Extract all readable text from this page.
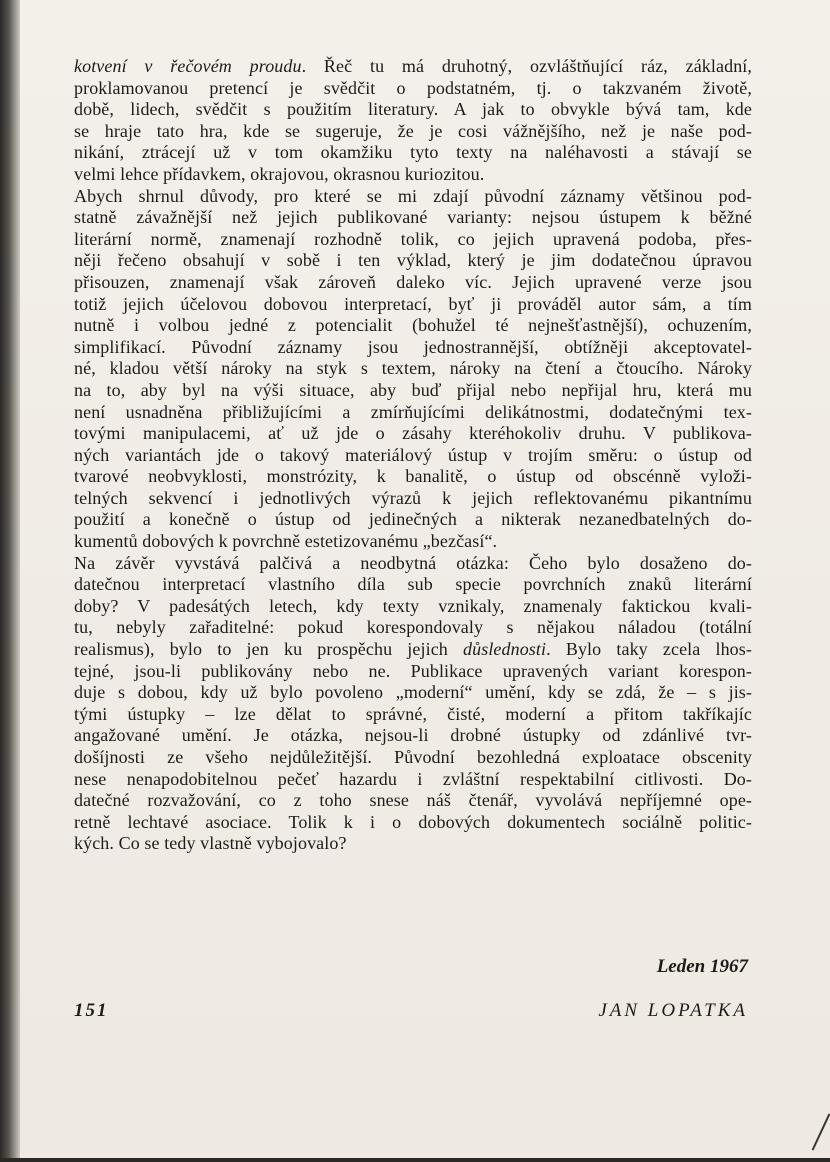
kotvení v řečovém proudu. Řeč tu má druhotný, ozvláštňující ráz, základní,
proklamovanou pretencí je svědčit o podstatném, tj. o takzvaném životě,
době, lidech, svědčit s použitím literatury. A jak to obvykle bývá tam, kde
se hraje tato hra, kde se sugeruje, že je cosi vážnějšího, než je naše pod-
nikání, ztrácejí už v tom okamžiku tyto texty na naléhavosti a stávají se
velmi lehce přídavkem, okrajovou, okrasnou kuriozitou.
Abych shrnul důvody, pro které se mi zdají původní záznamy většinou pod-
statně závažnější než jejich publikované varianty: nejsou ústupem k běžné
literární normě, znamenají rozhodně tolik, co jejich upravená podoba, přes-
něji řečeno obsahují v sobě i ten výklad, který je jim dodatečnou úpravou
přisouzen, znamenají však zároveň daleko víc. Jejich upravené verze jsou
totiž jejich účelovou dobovou interpretací, byť ji prováděl autor sám, a tím
nutně i volbou jedné z potencialit (bohužel té nejnešťastnější), ochuzením,
simplifikací. Původní záznamy jsou jednostrannější, obtížněji akceptovatel-
né, kladou větší nároky na styk s textem, nároky na čtení a čtoucího. Nároky
na to, aby byl na výši situace, aby buď přijal nebo nepřijal hru, která mu
není usnadněna přibližujícími a zmírňujícími delikátnostmi, dodatečnými tex-
tovými manipulacemi, ať už jde o zásahy kteréhokoliv druhu. V publikova-
ných variantách jde o takový materiálový ústup v trojím směru: o ústup od
tvarové neobvyklosti, monstrózity, k banalitě, o ústup od obscénně vyloži-
telných sekvencí i jednotlivých výrazů k jejich reflektovanému pikantnímu
použití a konečně o ústup od jedinečných a nikterak nezanedbatelných do-
kumentů dobových k povrchně estetizovanému „bezčasí“.
Na závěr vyvstává palčivá a neodbytná otázka: Čeho bylo dosaženo do-
datečnou interpretací vlastního díla sub specie povrchních znaků literární
doby? V padesátých letech, kdy texty vznikaly, znamenaly faktickou kvali-
tu, nebyly zařaditelné: pokud korespondovaly s nějakou náladou (totální
realismus), bylo to jen ku prospěchu jejich důslednosti. Bylo taky zcela lhos-
tejné, jsou-li publikovány nebo ne. Publikace upravených variant korespon-
duje s dobou, kdy už bylo povoleno „moderní“ umění, kdy se zdá, že – s jis-
tými ústupky – lze dělat to správné, čisté, moderní a přitom takříkajíc
angažované umění. Je otázka, nejsou-li drobné ústupky od zdánlivé tvr-
došíjnosti ze všeho nejdůležitější. Původní bezohledná exploatace obscenity
nese nenapodobitelnou pečeť hazardu i zvláštní respektabilní citlivosti. Do-
datečné rozvažování, co z toho snese náš čtenář, vyvolává nepříjemné ope-
retně lechtavé asociace. Tolik k i o dobových dokumentech sociálně politic-
kých. Co se tedy vlastně vybojovalo?
Leden 1967
151	JAN LOPATKA
